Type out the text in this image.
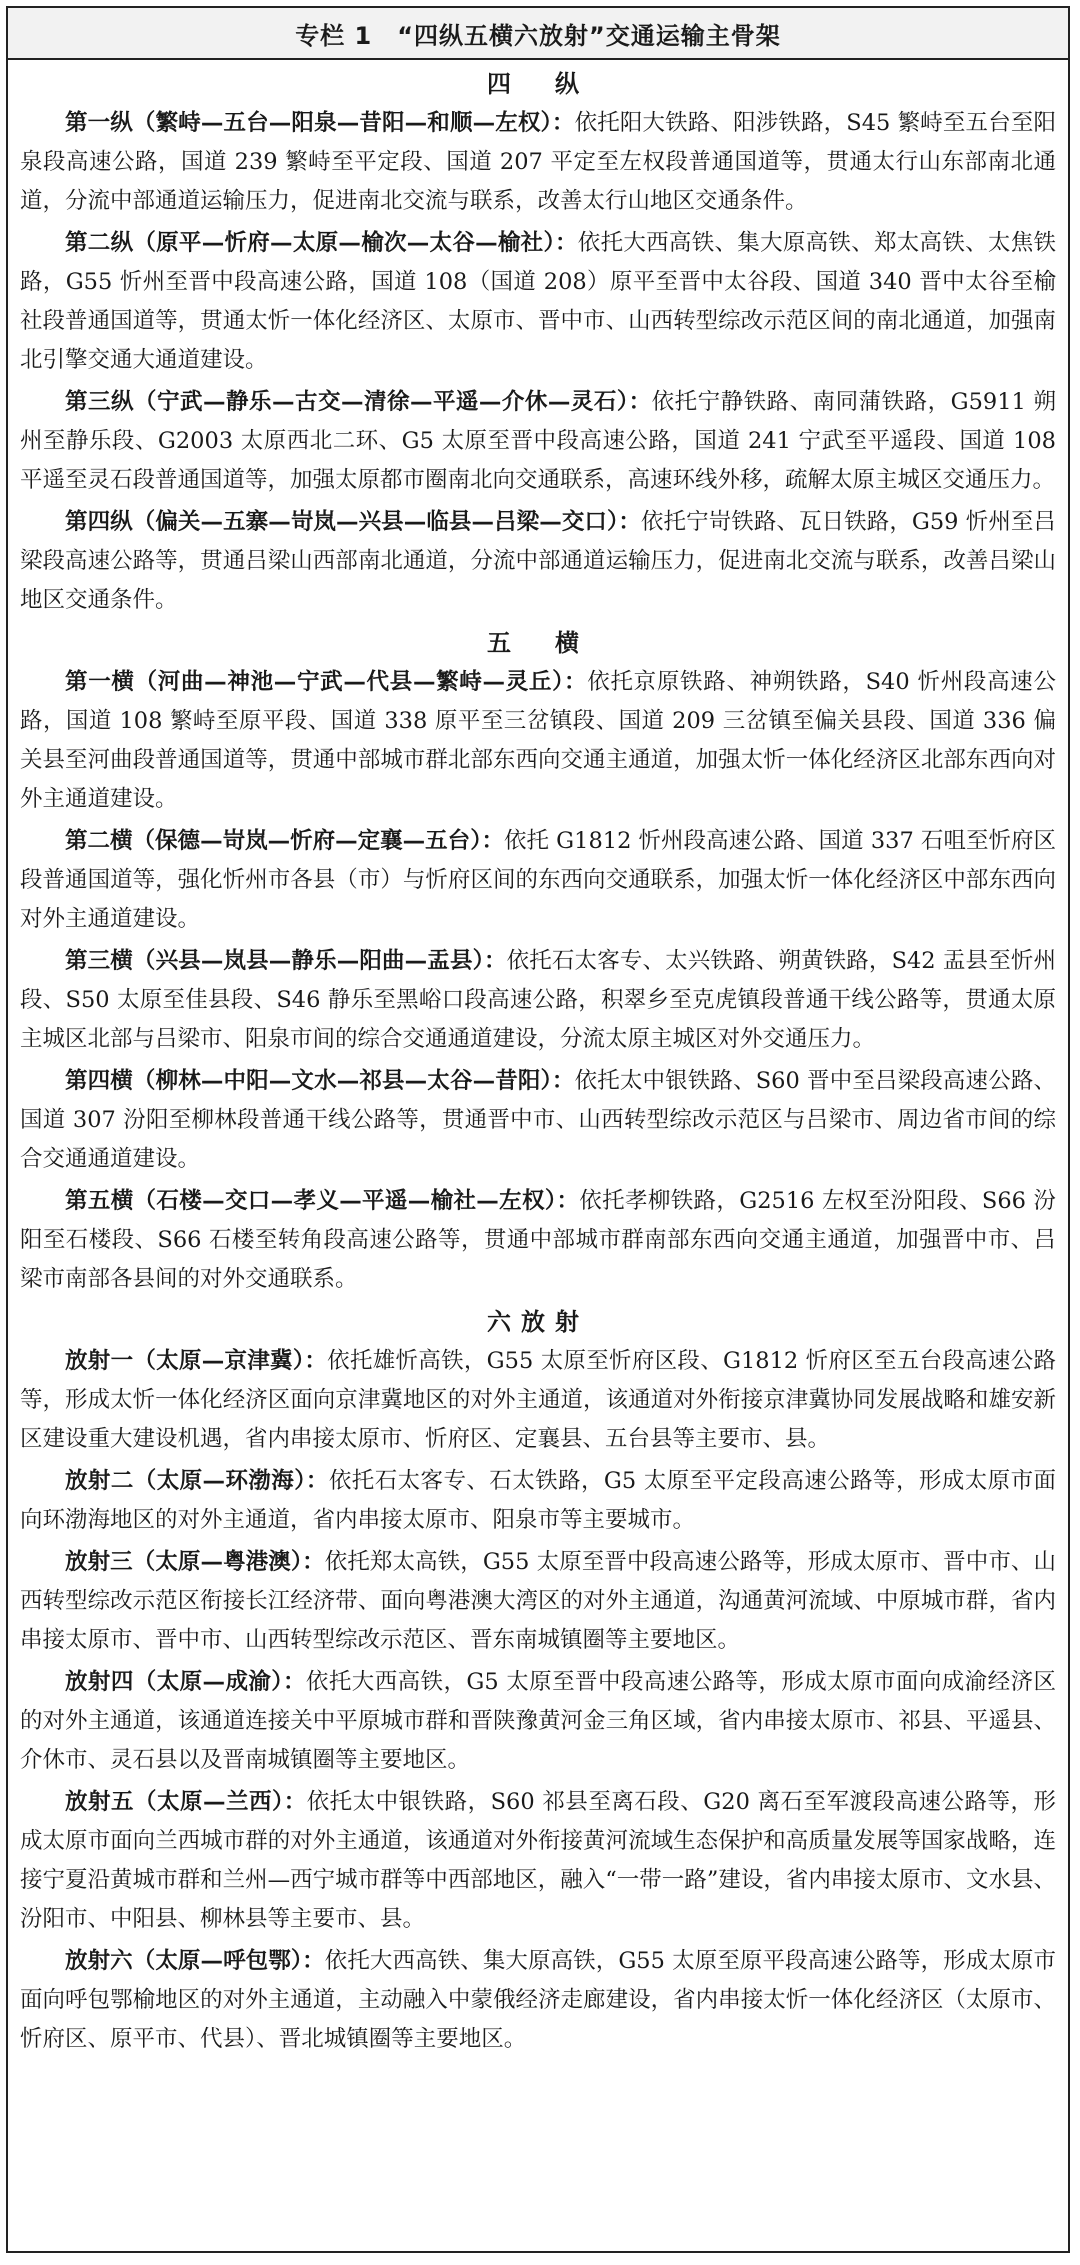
专栏 1　“四纵五横六放射”交通运输主骨架
四　纵

第一纵（繁峙—五台—阳泉—昔阳—和顺—左权）：依托阳大铁路、阳涉铁路，S45 繁峙至五台至阳泉段高速公路，国道 239 繁峙至平定段、国道 207 平定至左权段普通国道等，贯通太行山东部南北通道，分流中部通道运输压力，促进南北交流与联系，改善太行山地区交通条件。

第二纵（原平—忻府—太原—榆次—太谷—榆社）：依托大西高铁、集大原高铁、郑太高铁、太焦铁路，G55 忻州至晋中段高速公路，国道 108（国道 208）原平至晋中太谷段、国道 340 晋中太谷至榆社段普通国道等，贯通太忻一体化经济区、太原市、晋中市、山西转型综改示范区间的南北通道，加强南北引擎交通大通道建设。

第三纵（宁武—静乐—古交—清徐—平遥—介休—灵石）：依托宁静铁路、南同蒲铁路，G5911 朔州至静乐段、G2003 太原西北二环、G5 太原至晋中段高速公路，国道 241 宁武至平遥段、国道 108 平遥至灵石段普通国道等，加强太原都市圈南北向交通联系，高速环线外移，疏解太原主城区交通压力。

第四纵（偏关—五寨—岢岚—兴县—临县—吕梁—交口）：依托宁岢铁路、瓦日铁路，G59 忻州至吕梁段高速公路等，贯通吕梁山西部南北通道，分流中部通道运输压力，促进南北交流与联系，改善吕梁山地区交通条件。

五　横

第一横（河曲—神池—宁武—代县—繁峙—灵丘）：依托京原铁路、神朔铁路，S40 忻州段高速公路，国道 108 繁峙至原平段、国道 338 原平至三岔镇段、国道 209 三岔镇至偏关县段、国道 336 偏关县至河曲段普通国道等，贯通中部城市群北部东西向交通主通道，加强太忻一体化经济区北部东西向对外主通道建设。

第二横（保德—岢岚—忻府—定襄—五台）：依托 G1812 忻州段高速公路、国道 337 石咀至忻府区段普通国道等，强化忻州市各县（市）与忻府区间的东西向交通联系，加强太忻一体化经济区中部东西向对外主通道建设。

第三横（兴县—岚县—静乐—阳曲—盂县）：依托石太客专、太兴铁路、朔黄铁路，S42 盂县至忻州段、S50 太原至佳县段、S46 静乐至黑峪口段高速公路，积翠乡至克虎镇段普通干线公路等，贯通太原主城区北部与吕梁市、阳泉市间的综合交通通道建设，分流太原主城区对外交通压力。

第四横（柳林—中阳—文水—祁县—太谷—昔阳）：依托太中银铁路、S60 晋中至吕梁段高速公路、国道 307 汾阳至柳林段普通干线公路等，贯通晋中市、山西转型综改示范区与吕梁市、周边省市间的综合交通通道建设。

第五横（石楼—交口—孝义—平遥—榆社—左权）：依托孝柳铁路，G2516 左权至汾阳段、S66 汾阳至石楼段、S66 石楼至转角段高速公路等，贯通中部城市群南部东西向交通主通道，加强晋中市、吕梁市南部各县间的对外交通联系。

六放射

放射一（太原—京津冀）：依托雄忻高铁，G55 太原至忻府区段、G1812 忻府区至五台段高速公路等，形成太忻一体化经济区面向京津冀地区的对外主通道，该通道对外衔接京津冀协同发展战略和雄安新区建设重大建设机遇，省内串接太原市、忻府区、定襄县、五台县等主要市、县。

放射二（太原—环渤海）：依托石太客专、石太铁路，G5 太原至平定段高速公路等，形成太原市面向环渤海地区的对外主通道，省内串接太原市、阳泉市等主要城市。

放射三（太原—粤港澳）：依托郑太高铁，G55 太原至晋中段高速公路等，形成太原市、晋中市、山西转型综改示范区衔接长江经济带、面向粤港澳大湾区的对外主通道，沟通黄河流域、中原城市群，省内串接太原市、晋中市、山西转型综改示范区、晋东南城镇圈等主要地区。

放射四（太原—成渝）：依托大西高铁，G5 太原至晋中段高速公路等，形成太原市面向成渝经济区的对外主通道，该通道连接关中平原城市群和晋陕豫黄河金三角区域，省内串接太原市、祁县、平遥县、介休市、灵石县以及晋南城镇圈等主要地区。

放射五（太原—兰西）：依托太中银铁路，S60 祁县至离石段、G20 离石至军渡段高速公路等，形成太原市面向兰西城市群的对外主通道，该通道对外衔接黄河流域生态保护和高质量发展等国家战略，连接宁夏沿黄城市群和兰州—西宁城市群等中西部地区，融入“一带一路”建设，省内串接太原市、文水县、汾阳市、中阳县、柳林县等主要市、县。

放射六（太原—呼包鄂）：依托大西高铁、集大原高铁，G55 太原至原平段高速公路等，形成太原市面向呼包鄂榆地区的对外主通道，主动融入中蒙俄经济走廊建设，省内串接太忻一体化经济区（太原市、忻府区、原平市、代县）、晋北城镇圈等主要地区。
